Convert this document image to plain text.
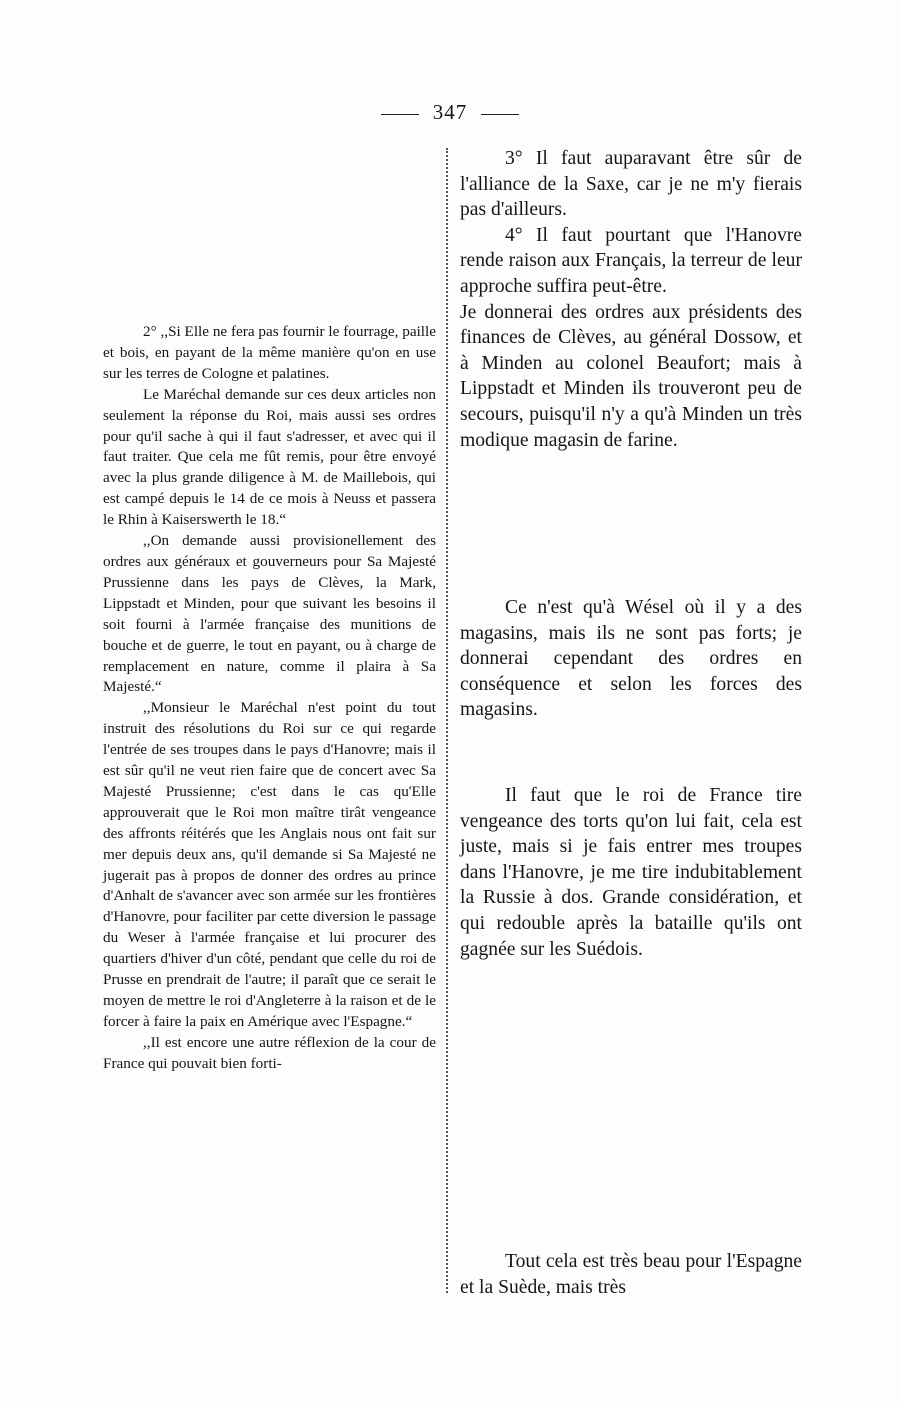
347

2° ,,Si Elle ne fera pas fournir le fourrage, paille et bois, en payant de la même manière qu'on en use sur les terres de Cologne et palatines.

Le Maréchal demande sur ces deux articles non seulement la réponse du Roi, mais aussi ses ordres pour qu'il sache à qui il faut s'adresser, et avec qui il faut traiter. Que cela me fût remis, pour être envoyé avec la plus grande diligence à M. de Maillebois, qui est campé depuis le 14 de ce mois à Neuss et passera le Rhin à Kaiserswerth le 18.“

,,On demande aussi provisionellement des ordres aux généraux et gouverneurs pour Sa Majesté Prussienne dans les pays de Clèves, la Mark, Lippstadt et Minden, pour que suivant les besoins il soit fourni à l'armée française des munitions de bouche et de guerre, le tout en payant, ou à charge de remplacement en nature, comme il plaira à Sa Majesté.“

,,Monsieur le Maréchal n'est point du tout instruit des résolutions du Roi sur ce qui regarde l'entrée de ses troupes dans le pays d'Hanovre; mais il est sûr qu'il ne veut rien faire que de concert avec Sa Majesté Prussienne; c'est dans le cas qu'Elle approuverait que le Roi mon maître tirât vengeance des affronts réitérés que les Anglais nous ont fait sur mer depuis deux ans, qu'il demande si Sa Majesté ne jugerait pas à propos de donner des ordres au prince d'Anhalt de s'avancer avec son armée sur les frontières d'Hanovre, pour faciliter par cette diversion le passage du Weser à l'armée française et lui procurer des quartiers d'hiver d'un côté, pendant que celle du roi de Prusse en prendrait de l'autre; il paraît que ce serait le moyen de mettre le roi d'Angleterre à la raison et de le forcer à faire la paix en Amérique avec l'Espagne.“

,,Il est encore une autre réflexion de la cour de France qui pouvait bien forti-

3° Il faut auparavant être sûr de l'alliance de la Saxe, car je ne m'y fierais pas d'ailleurs.

4° Il faut pourtant que l'Hanovre rende raison aux Français, la terreur de leur approche suffira peut-être.

Je donnerai des ordres aux présidents des finances de Clèves, au général Dossow, et à Minden au colonel Beaufort; mais à Lippstadt et Minden ils trouveront peu de secours, puisqu'il n'y a qu'à Minden un très modique magasin de farine.

Ce n'est qu'à Wésel où il y a des magasins, mais ils ne sont pas forts; je donnerai cependant des ordres en conséquence et selon les forces des magasins.

Il faut que le roi de France tire vengeance des torts qu'on lui fait, cela est juste, mais si je fais entrer mes troupes dans l'Hanovre, je me tire indubitablement la Russie à dos. Grande considération, et qui redouble après la bataille qu'ils ont gagnée sur les Suédois.

Tout cela est très beau pour l'Espagne et la Suède, mais très
